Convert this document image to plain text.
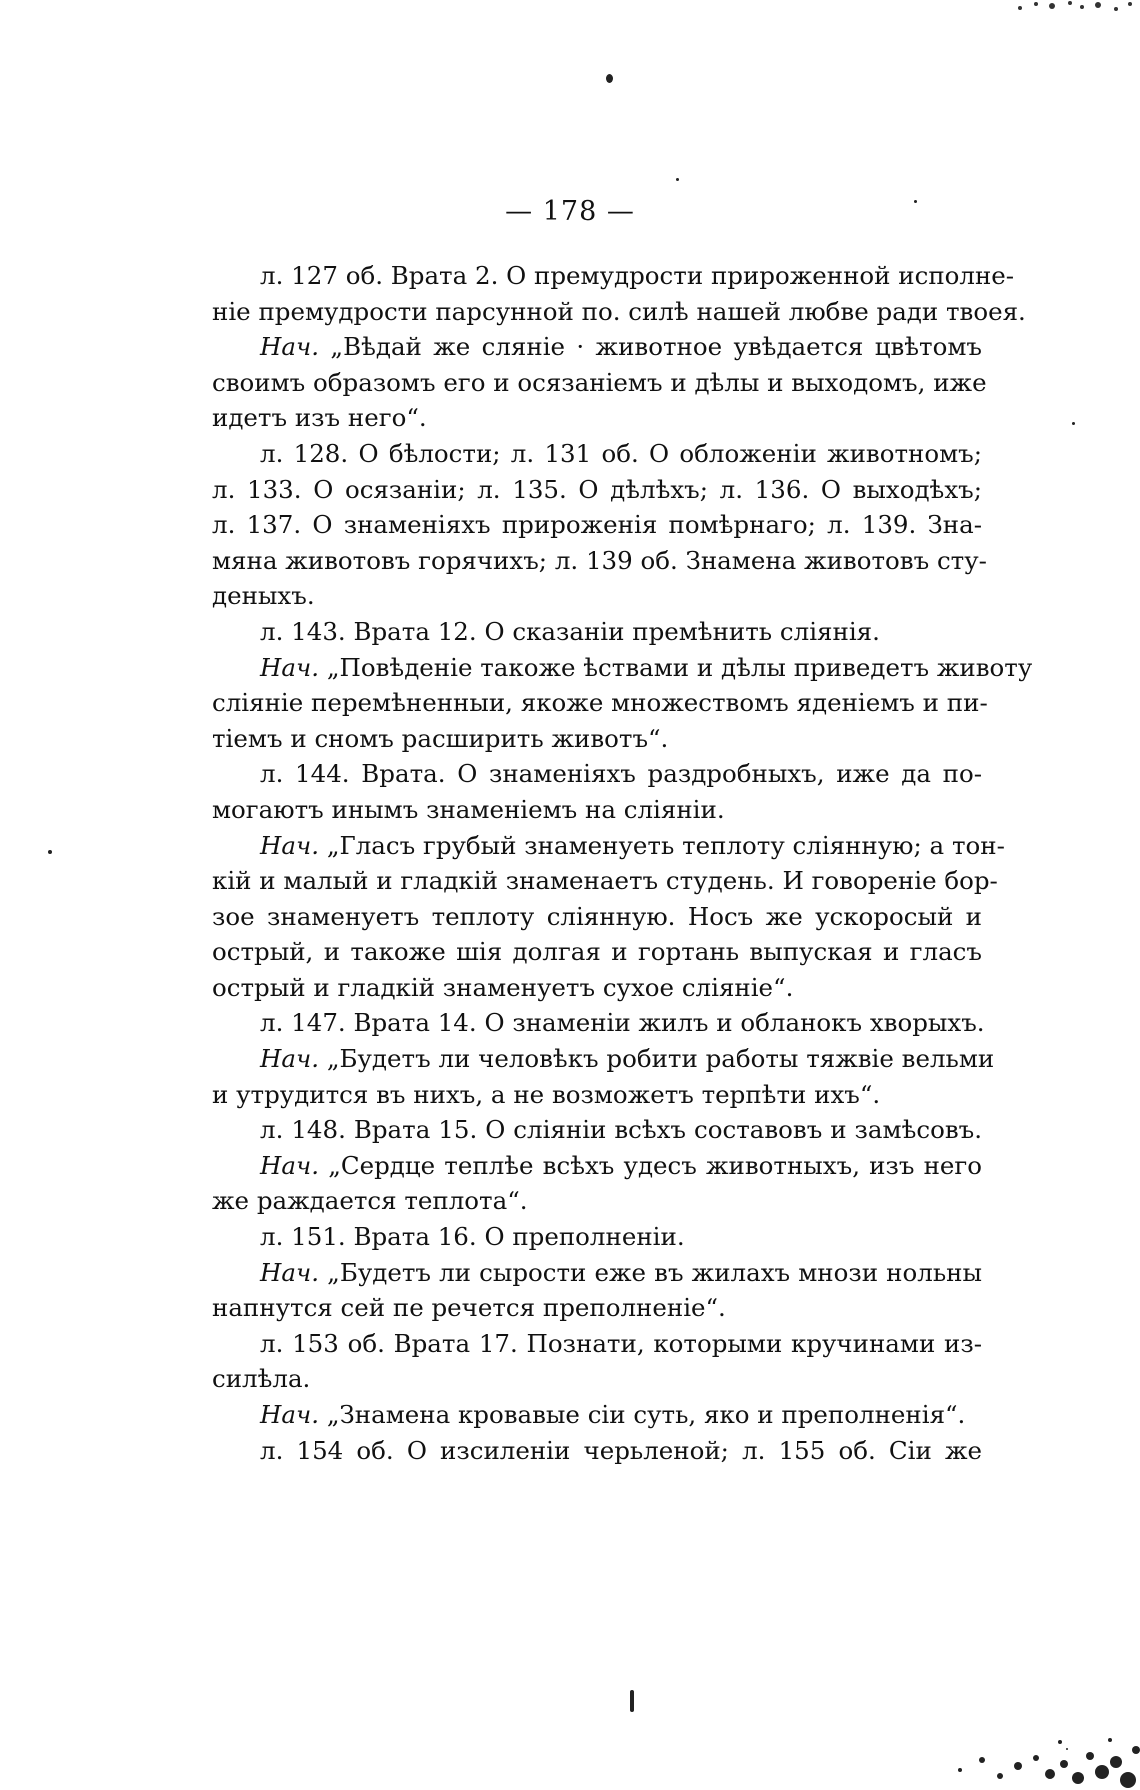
— 178 —
л. 127 об. Врата 2. О премудрости прироженной исполне-
ніе премудрости парсунной по. силѣ нашей любве ради твоея.
Нач. „Вѣдай же слянiе · животное увѣдается цвѣтомъ
своимъ образомъ его и осязанiемъ и дѣлы и выходомъ, иже
идетъ изъ него“.
л. 128. О бѣлости; л. 131 об. О обложенiи животномъ;
л. 133. О осязанiи; л. 135. О дѣлѣхъ; л. 136. О выходѣхъ;
л. 137. О знаменiяхъ прироженiя помѣрнаго; л. 139. Зна-
мяна животовъ горячихъ; л. 139 об. Знамена животовъ сту-
деныхъ.
л. 143. Врата 12. О сказанiи премѣнить слiянiя.
Нач. „Повѣденiе такоже ѣствами и дѣлы приведетъ животу
слiянiе перемѣненныи, якоже множествомъ яденiемъ и пи-
тiемъ и сномъ расширить животъ“.
л. 144. Врата. О знаменiяхъ раздробныхъ, иже да по-
могаютъ инымъ знаменiемъ на слiянiи.
Нач. „Гласъ грубый знаменуеть теплоту слiянную; а тон-
кiй и малый и гладкiй знаменаетъ студень. И говоренiе бор-
зое знаменуетъ теплоту слiянную. Носъ же ускоросый и
острый, и такоже шiя долгая и гортань выпуская и гласъ
острый и гладкiй знаменуетъ сухое слiянiе“.
л. 147. Врата 14. О знаменiи жилъ и обланокъ хворыхъ.
Нач. „Будетъ ли человѣкъ робити работы тяжвiе вельми
и утрудится въ нихъ, а не возможетъ терпѣти ихъ“.
л. 148. Врата 15. О слiянiи всѣхъ составовъ и замѣсовъ.
Нач. „Сердце теплѣе всѣхъ удесъ животныхъ, изъ него
же раждается теплота“.
л. 151. Врата 16. О преполненiи.
Нач. „Будетъ ли сырости еже въ жилахъ мнози нольны
напнутся сей пе речется преполненiе“.
л. 153 об. Врата 17. Познати, которыми кручинами из-
силѣла.
Нач. „Знамена кровавые сiи суть, яко и преполненiя“.
л. 154 об. О изсиленiи черьленой; л. 155 об. Сiи же
